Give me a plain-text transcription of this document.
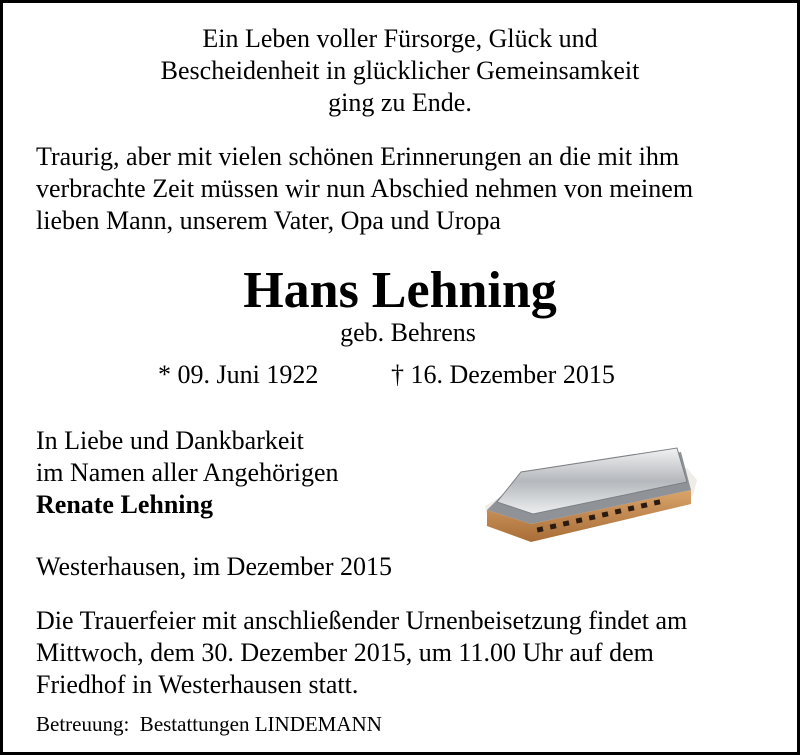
Ein Leben voller Fürsorge, Glück und
Bescheidenheit in glücklicher Gemeinsamkeit
ging zu Ende.
Traurig, aber mit vielen schönen Erinnerungen an die mit ihm
verbrachte Zeit müssen wir nun Abschied nehmen von meinem
lieben Mann, unserem Vater, Opa und Uropa
Hans Lehning
geb. Behrens
* 09. Juni 1922	† 16. Dezember 2015
In Liebe und Dankbarkeit
im Namen aller Angehörigen
Renate Lehning
Westerhausen, im Dezember 2015
Die Trauerfeier mit anschließender Urnenbeisetzung findet am
Mittwoch, dem 30. Dezember 2015, um 11.00 Uhr auf dem
Friedhof in Westerhausen statt.
Betreuung:  Bestattungen LINDEMANN
